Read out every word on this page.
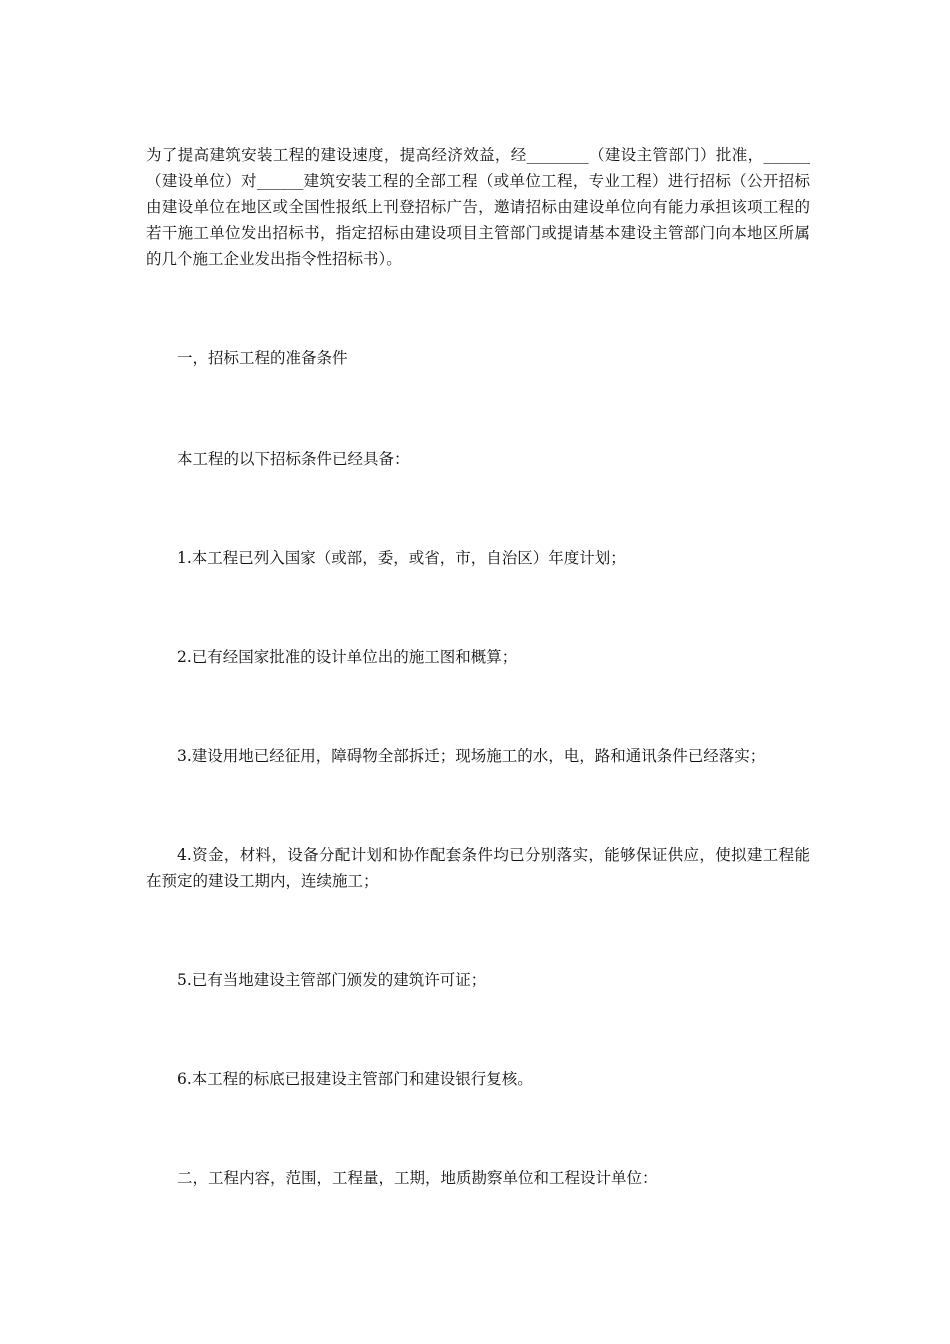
为了提高建筑安装工程的建设速度，提高经济效益，经________（建设主管部门）批准，______（建设单位）对______建筑安装工程的全部工程（或单位工程，专业工程）进行招标（公开招标由建设单位在地区或全国性报纸上刊登招标广告，邀请招标由建设单位向有能力承担该项工程的若干施工单位发出招标书，指定招标由建设项目主管部门或提请基本建设主管部门向本地区所属的几个施工企业发出指令性招标书）。

一，招标工程的准备条件

本工程的以下招标条件已经具备：

1.本工程已列入国家（或部，委，或省，市，自治区）年度计划；

2.已有经国家批准的设计单位出的施工图和概算；

3.建设用地已经征用，障碍物全部拆迁；现场施工的水，电，路和通讯条件已经落实；

4.资金，材料，设备分配计划和协作配套条件均已分别落实，能够保证供应，使拟建工程能在预定的建设工期内，连续施工；

5.已有当地建设主管部门颁发的建筑许可证；

6.本工程的标底已报建设主管部门和建设银行复核。

二，工程内容，范围，工程量，工期，地质勘察单位和工程设计单位：
